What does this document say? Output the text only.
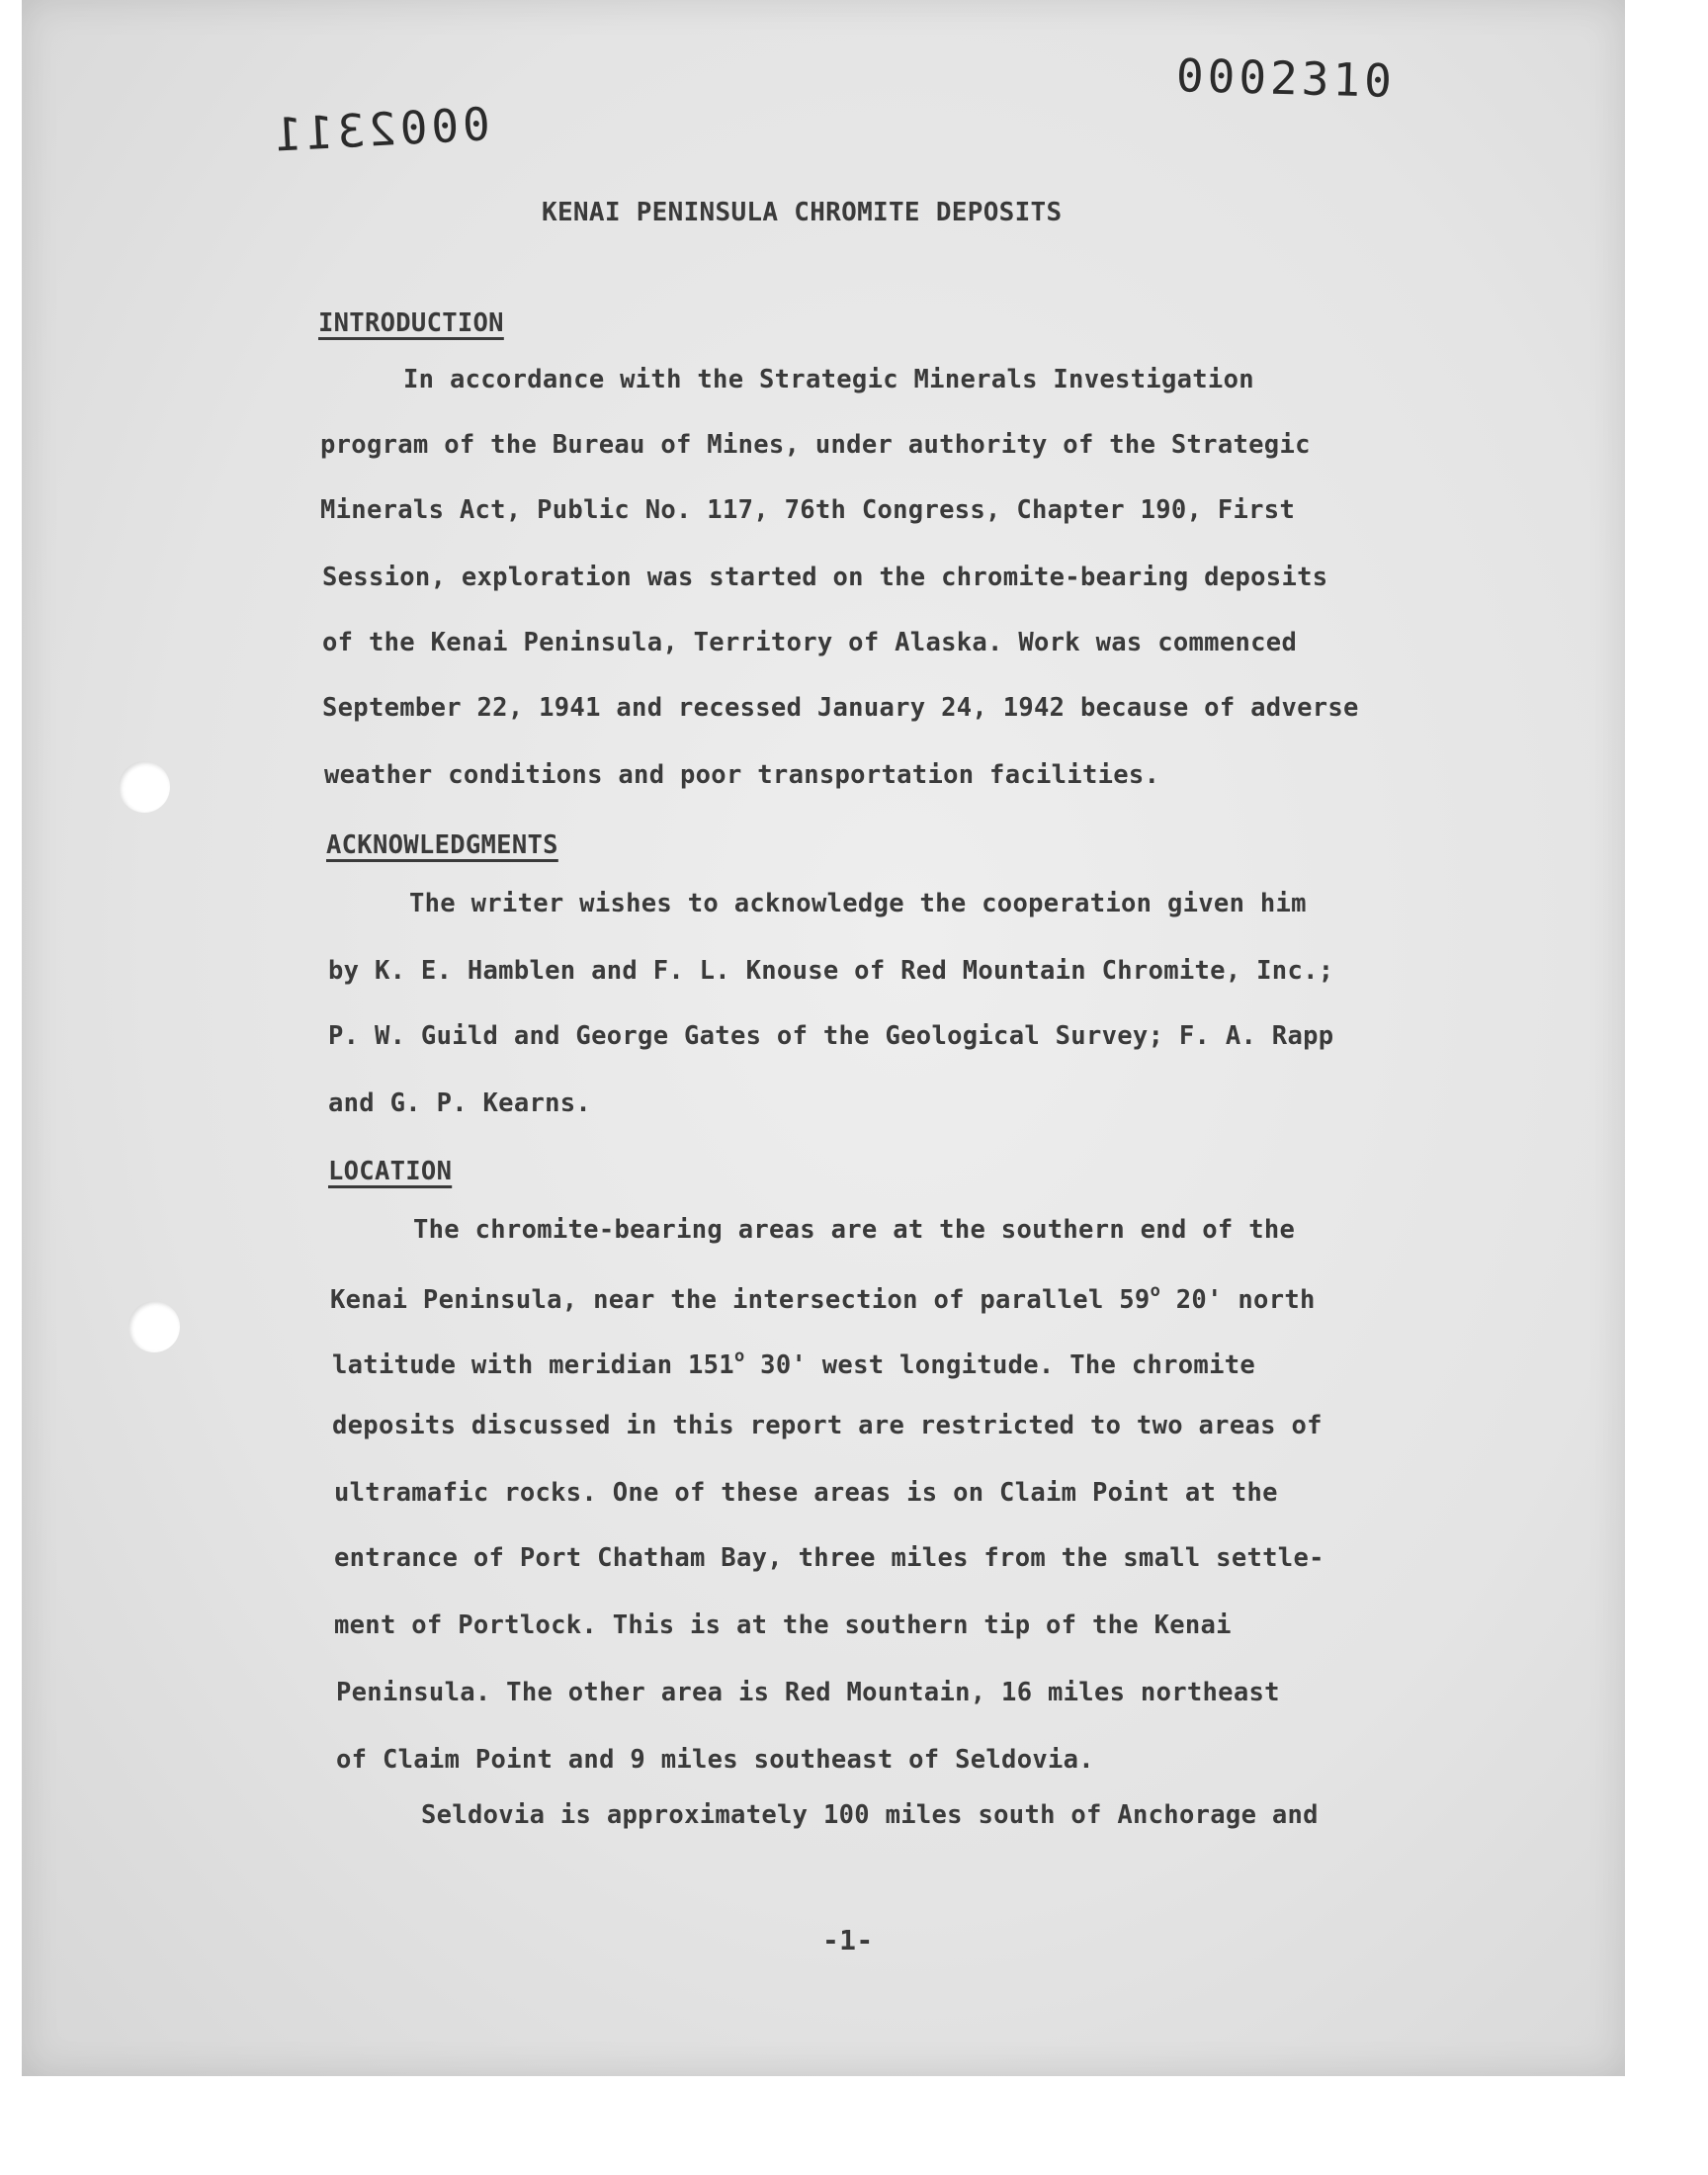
0002310
0002311
KENAI PENINSULA CHROMITE DEPOSITS
INTRODUCTION
In accordance with the Strategic Minerals Investigation
program of the Bureau of Mines, under authority of the Strategic
Minerals Act, Public No. 117, 76th Congress, Chapter 190, First
Session, exploration was started on the chromite-bearing deposits
of the Kenai Peninsula, Territory of Alaska. Work was commenced
September 22, 1941 and recessed January 24, 1942 because of adverse
weather conditions and poor transportation facilities.
ACKNOWLEDGMENTS
The writer wishes to acknowledge the cooperation given him
by K. E. Hamblen and F. L. Knouse of Red Mountain Chromite, Inc.;
P. W. Guild and George Gates of the Geological Survey; F. A. Rapp
and G. P. Kearns.
LOCATION
The chromite-bearing areas are at the southern end of the
Kenai Peninsula, near the intersection of parallel 59$^o$ 20' north
latitude with meridian 151$^o$ 30' west longitude. The chromite
deposits discussed in this report are restricted to two areas of
ultramafic rocks. One of these areas is on Claim Point at the
entrance of Port Chatham Bay, three miles from the small settle-
ment of Portlock. This is at the southern tip of the Kenai
Peninsula. The other area is Red Mountain, 16 miles northeast
of Claim Point and 9 miles southeast of Seldovia.
Seldovia is approximately 100 miles south of Anchorage and
-1-
